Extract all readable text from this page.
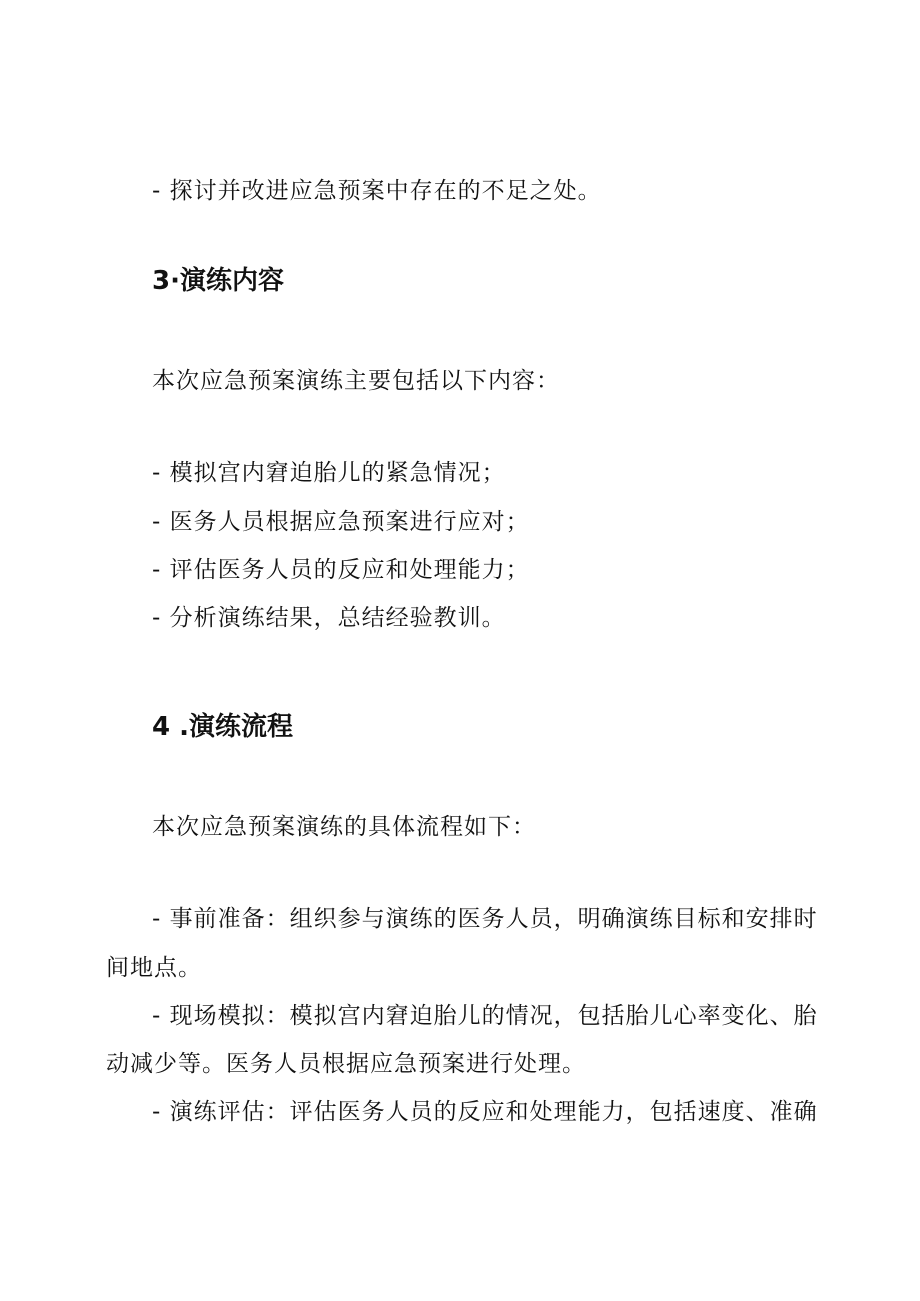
- 探讨并改进应急预案中存在的不足之处。
3·演练内容
本次应急预案演练主要包括以下内容：
- 模拟宫内窘迫胎儿的紧急情况；
- 医务人员根据应急预案进行应对；
- 评估医务人员的反应和处理能力；
- 分析演练结果，总结经验教训。
4 .演练流程
本次应急预案演练的具体流程如下：
- 事前准备：组织参与演练的医务人员，明确演练目标和安排时
间地点。
- 现场模拟：模拟宫内窘迫胎儿的情况，包括胎儿心率变化、胎
动减少等。医务人员根据应急预案进行处理。
- 演练评估：评估医务人员的反应和处理能力，包括速度、准确
